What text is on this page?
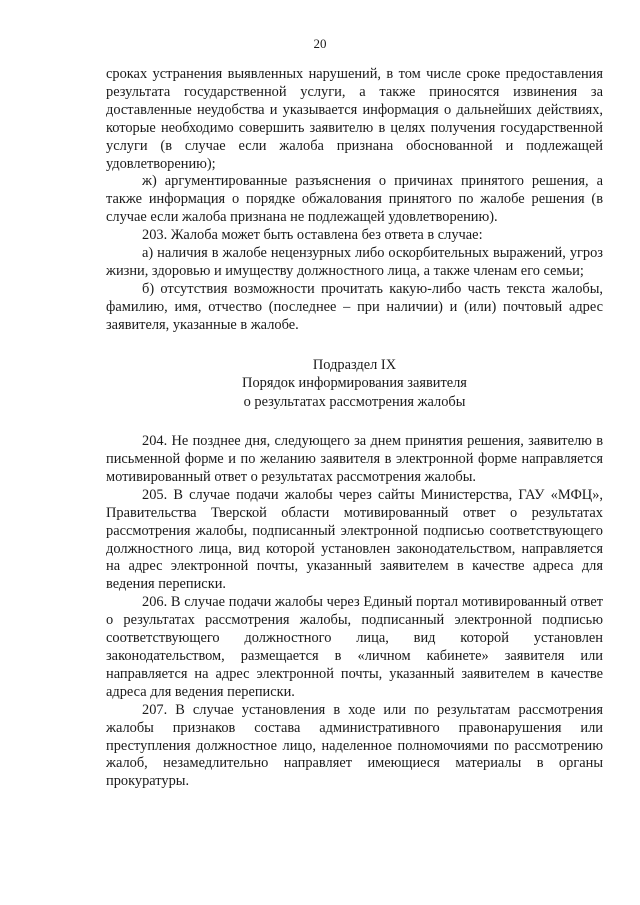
20

сроках устранения выявленных нарушений, в том числе сроке предоставления результата государственной услуги, а также приносятся извинения за доставленные неудобства и указывается информация о дальнейших действиях, которые необходимо совершить заявителю в целях получения государственной услуги (в случае если жалоба признана обоснованной и подлежащей удовлетворению);

ж) аргументированные разъяснения о причинах принятого решения, а также информация о порядке обжалования принятого по жалобе решения (в случае если жалоба признана не подлежащей удовлетворению).

203. Жалоба может быть оставлена без ответа в случае:

а) наличия в жалобе нецензурных либо оскорбительных выражений, угроз жизни, здоровью и имуществу должностного лица, а также членам его семьи;

б) отсутствия возможности прочитать какую-либо часть текста жалобы, фамилию, имя, отчество (последнее – при наличии) и (или) почтовый адрес заявителя, указанные в жалобе.

Подраздел IX
Порядок информирования заявителя
о результатах рассмотрения жалобы

204. Не позднее дня, следующего за днем принятия решения, заявителю в письменной форме и по желанию заявителя в электронной форме направляется мотивированный ответ о результатах рассмотрения жалобы.

205. В случае подачи жалобы через сайты Министерства, ГАУ «МФЦ», Правительства Тверской области мотивированный ответ о результатах рассмотрения жалобы, подписанный электронной подписью соответствующего должностного лица, вид которой установлен законодательством, направляется на адрес электронной почты, указанный заявителем в качестве адреса для ведения переписки.

206. В случае подачи жалобы через Единый портал мотивированный ответ о результатах рассмотрения жалобы, подписанный электронной подписью соответствующего должностного лица, вид которой установлен законодательством, размещается в «личном кабинете» заявителя или направляется на адрес электронной почты, указанный заявителем в качестве адреса для ведения переписки.

207. В случае установления в ходе или по результатам рассмотрения жалобы признаков состава административного правонарушения или преступления должностное лицо, наделенное полномочиями по рассмотрению жалоб, незамедлительно направляет имеющиеся материалы в органы прокуратуры.
